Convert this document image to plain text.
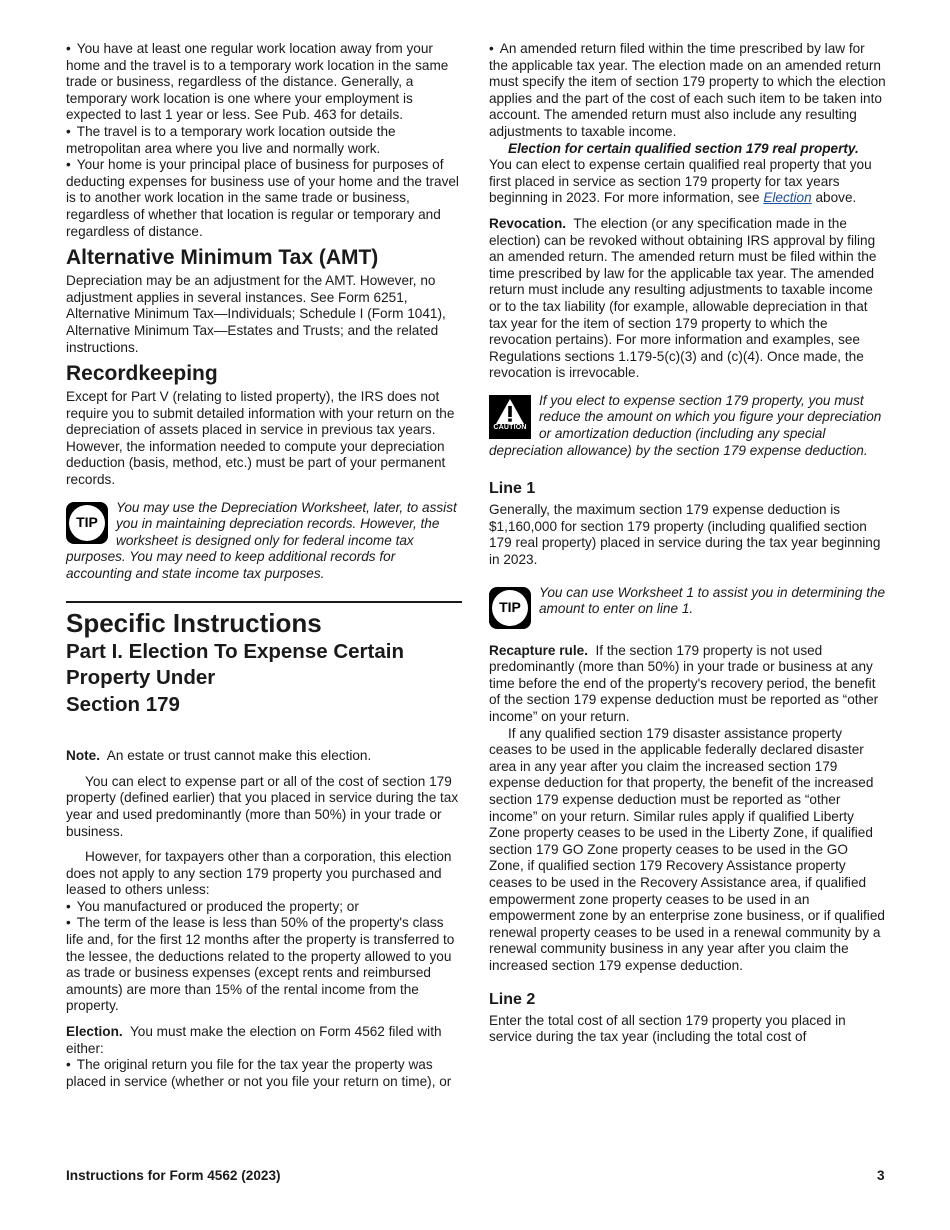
• You have at least one regular work location away from your home and the travel is to a temporary work location in the same trade or business, regardless of the distance. Generally, a temporary work location is one where your employment is expected to last 1 year or less. See Pub. 463 for details.

• The travel is to a temporary work location outside the metropolitan area where you live and normally work.

• Your home is your principal place of business for purposes of deducting expenses for business use of your home and the travel is to another work location in the same trade or business, regardless of whether that location is regular or temporary and regardless of distance.

Alternative Minimum Tax (AMT)

Depreciation may be an adjustment for the AMT. However, no adjustment applies in several instances. See Form 6251, Alternative Minimum Tax—Individuals; Schedule I (Form 1041), Alternative Minimum Tax—Estates and Trusts; and the related instructions.

Recordkeeping

Except for Part V (relating to listed property), the IRS does not require you to submit detailed information with your return on the depreciation of assets placed in service in previous tax years. However, the information needed to compute your depreciation deduction (basis, method, etc.) must be part of your permanent records.

TIP

You may use the Depreciation Worksheet, later, to assist you in maintaining depreciation records. However, the worksheet is designed only for federal income tax purposes. You may need to keep additional records for accounting and state income tax purposes.

Specific Instructions
Part I. Election To Expense Certain
Property Under
Section 179

Note. An estate or trust cannot make this election.

You can elect to expense part or all of the cost of section 179 property (defined earlier) that you placed in service during the tax year and used predominantly (more than 50%) in your trade or business.

However, for taxpayers other than a corporation, this election does not apply to any section 179 property you purchased and leased to others unless:

• You manufactured or produced the property; or

• The term of the lease is less than 50% of the property's class life and, for the first 12 months after the property is transferred to the lessee, the deductions related to the property allowed to you as trade or business expenses (except rents and reimbursed amounts) are more than 15% of the rental income from the property.

Election. You must make the election on Form 4562 filed with either:

• The original return you file for the tax year the property was placed in service (whether or not you file your return on time), or

• An amended return filed within the time prescribed by law for the applicable tax year. The election made on an amended return must specify the item of section 179 property to which the election applies and the part of the cost of each such item to be taken into account. The amended return must also include any resulting adjustments to taxable income.

Election for certain qualified section 179 real property.  You can elect to expense certain qualified real property that you first placed in service as section 179 property for tax years beginning in 2023. For more information, see Election above.

Revocation. The election (or any specification made in the election) can be revoked without obtaining IRS approval by filing an amended return. The amended return must be filed within the time prescribed by law for the applicable tax year. The amended return must include any resulting adjustments to taxable income or to the tax liability (for example, allowable depreciation in that tax year for the item of section 179 property to which the revocation pertains). For more information and examples, see Regulations sections 1.179-5(c)(3) and (c)(4). Once made, the revocation is irrevocable.

CAUTION

If you elect to expense section 179 property, you must reduce the amount on which you figure your depreciation or amortization deduction (including any special depreciation allowance) by the section 179 expense deduction.

Line 1

Generally, the maximum section 179 expense deduction is $1,160,000 for section 179 property (including qualified section 179 real property) placed in service during the tax year beginning in 2023.

TIP

You can use Worksheet 1 to assist you in determining the amount to enter on line 1.

Recapture rule. If the section 179 property is not used predominantly (more than 50%) in your trade or business at any time before the end of the property's recovery period, the benefit of the section 179 expense deduction must be reported as “other income” on your return.

If any qualified section 179 disaster assistance property ceases to be used in the applicable federally declared disaster area in any year after you claim the increased section 179 expense deduction for that property, the benefit of the increased section 179 expense deduction must be reported as “other income” on your return. Similar rules apply if qualified Liberty Zone property ceases to be used in the Liberty Zone, if qualified section 179 GO Zone property ceases to be used in the GO Zone, if qualified section 179 Recovery Assistance property ceases to be used in the Recovery Assistance area, if qualified empowerment zone property ceases to be used in an empowerment zone by an enterprise zone business, or if qualified renewal property ceases to be used in a renewal community by a renewal community business in any year after you claim the increased section 179 expense deduction.

Line 2

Enter the total cost of all section 179 property you placed in service during the tax year (including the total cost of

Instructions for Form 4562 (2023)	3
